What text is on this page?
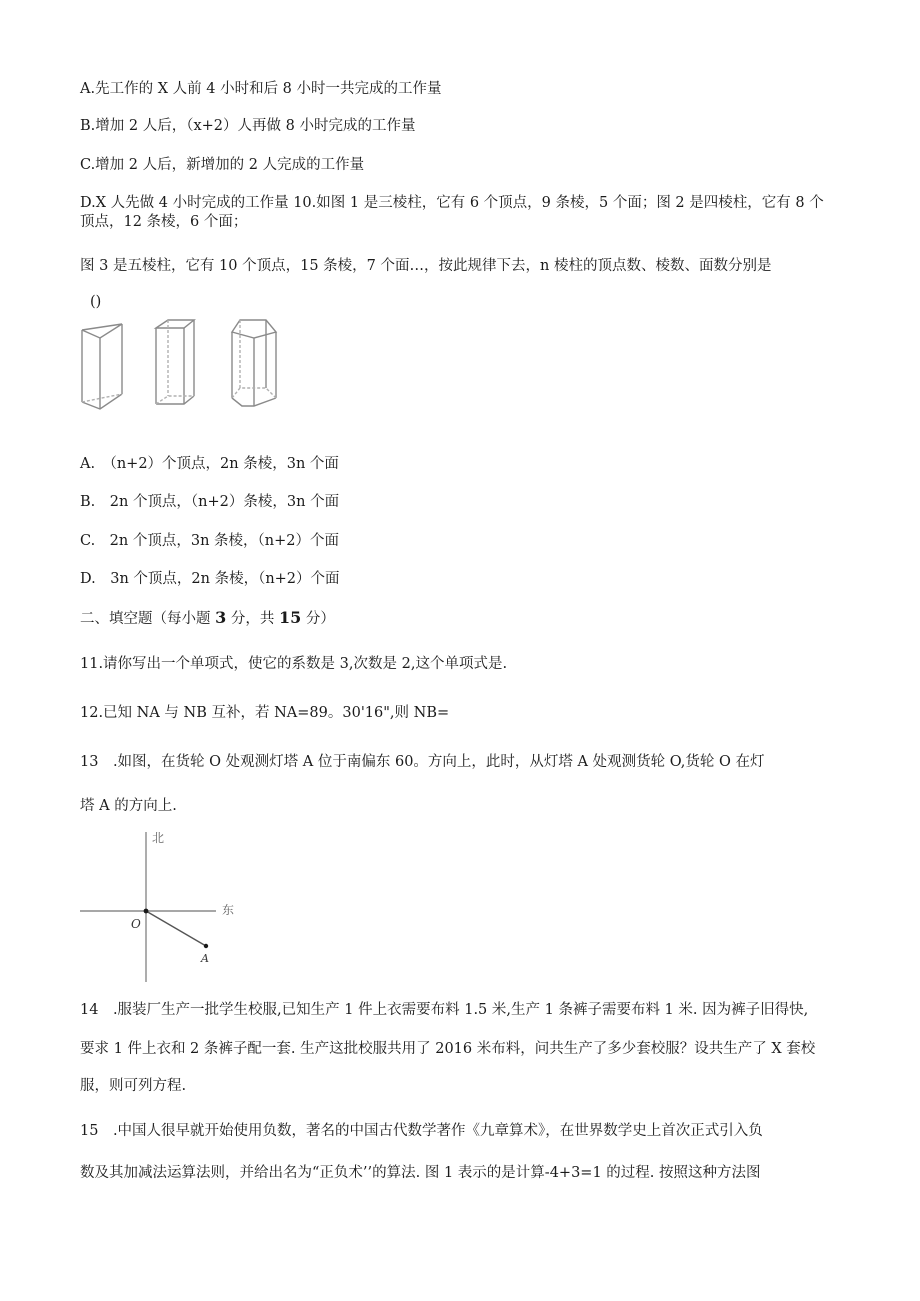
A.先工作的 X 人前 4 小时和后 8 小时一共完成的工作量
B.增加 2 人后，（x+2）人再做 8 小时完成的工作量
C.增加 2 人后，新增加的 2 人完成的工作量
D.X 人先做 4 小时完成的工作量 10.如图 1 是三棱柱，它有 6 个顶点，9 条棱，5 个面；图 2 是四棱柱，它有 8 个
顶点，12 条棱，6 个面；
图 3 是五棱柱，它有 10 个顶点，15 条棱，7 个面…，按此规律下去，n 棱柱的顶点数、棱数、面数分别是
()
A.　（n+2）个顶点，2n 条棱，3n 个面
B.　2n 个顶点，（n+2）条棱，3n 个面
C.　2n 个顶点，3n 条棱，（n+2）个面
D.　3n 个顶点，2n 条棱，（n+2）个面
二、填空题（每小题 3 分，共 15 分）
11.请你写出一个单项式，使它的系数是 3,次数是 2,这个单项式是.
12.已知 NA 与 NB 互补，若 NA=89。30'16",则 NB=
13　.如图，在货轮 O 处观测灯塔 A 位于南偏东 60。方向上，此时，从灯塔 A 处观测货轮 O,货轮 O 在灯
塔 A 的方向上.
北
东
O
A
14　.服装厂生产一批学生校服,已知生产 1 件上衣需要布料 1.5 米,生产 1 条裤子需要布料 1 米. 因为裤子旧得快,
要求 1 件上衣和 2 条裤子配一套. 生产这批校服共用了 2016 米布料，问共生产了多少套校服？设共生产了 X 套校
服，则可列方程.
15　.中国人很早就开始使用负数，著名的中国古代数学著作《九章算术》，在世界数学史上首次正式引入负
数及其加减法运算法则，并给出名为“正负术’’的算法. 图 1 表示的是计算-4+3=1 的过程. 按照这种方法图
